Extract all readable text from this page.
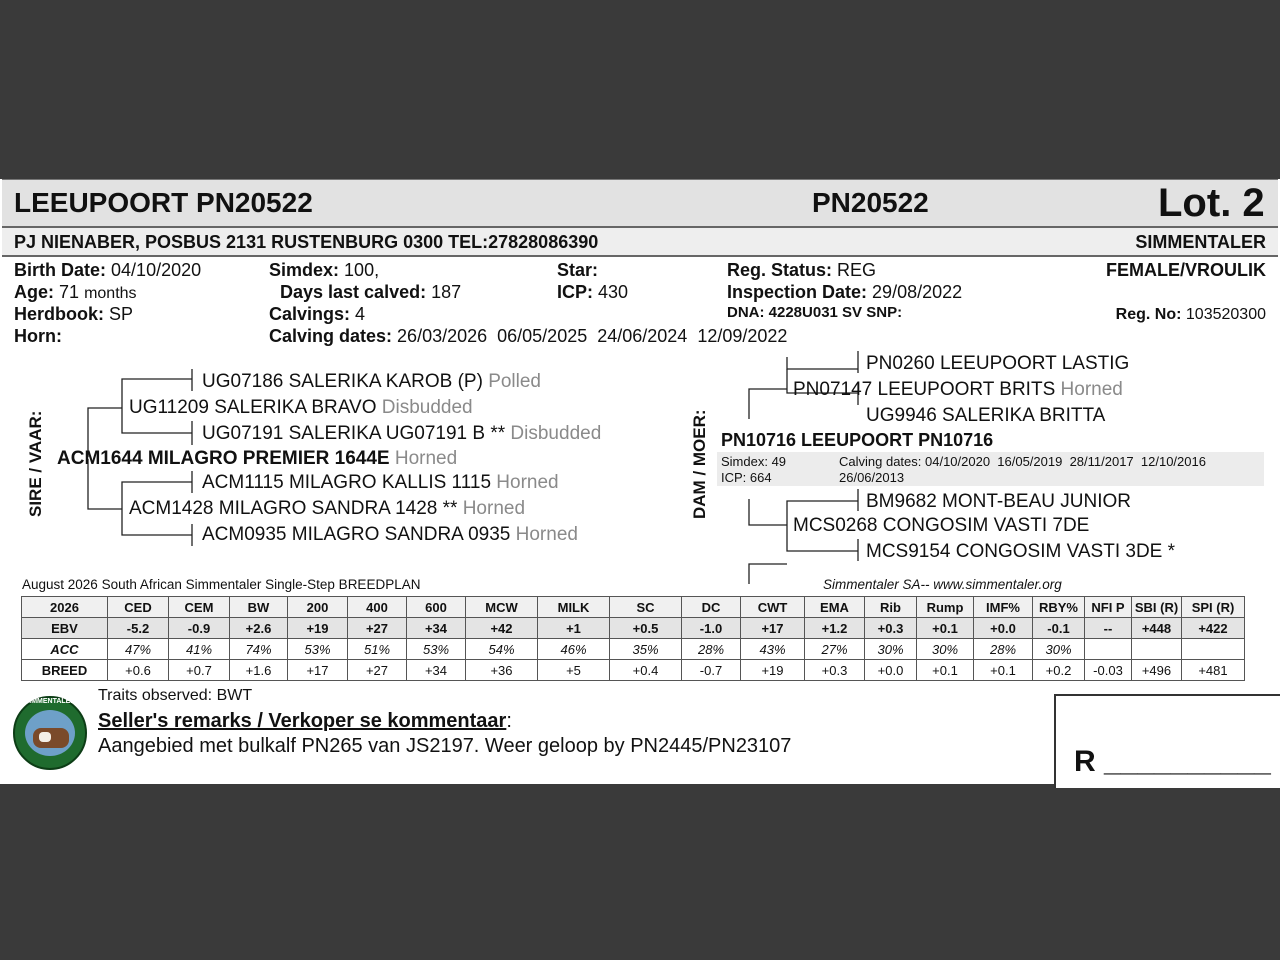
LEEUPOORT PN20522	PN20522	Lot. 2
PJ NIENABER, POSBUS 2131 RUSTENBURG 0300 TEL:27828086390	SIMMENTALER
Birth Date: 04/10/2020
Age: 71 months
Herdbook: SP
Horn:
Simdex: 100,
Days last calved: 187
Calvings: 4
Calving dates: 26/03/2026  06/05/2025  24/06/2024  12/09/2022
Star:
ICP: 430
Reg. Status: REG
Inspection Date: 29/08/2022
DNA: 4228U031 SV SNP:
FEMALE/VROULIK
Reg. No: 103520300
SIRE / VAAR:
UG07186 SALERIKA KAROB (P) Polled
UG11209 SALERIKA BRAVO Disbudded
UG07191 SALERIKA UG07191 B ** Disbudded
ACM1644 MILAGRO PREMIER 1644E Horned
ACM1115 MILAGRO KALLIS 1115 Horned
ACM1428 MILAGRO SANDRA 1428 ** Horned
ACM0935 MILAGRO SANDRA 0935 Horned
DAM / MOER:
PN0260 LEEUPOORT LASTIG
PN07147 LEEUPOORT BRITS Horned
UG9946 SALERIKA BRITTA
PN10716 LEEUPOORT PN10716
Simdex: 49
ICP: 664
Calving dates: 04/10/2020  16/05/2019  28/11/2017  12/10/2016
26/06/2013
BM9682 MONT-BEAU JUNIOR
MCS0268 CONGOSIM VASTI 7DE
MCS9154 CONGOSIM VASTI 3DE *
August 2026 South African Simmentaler Single-Step BREEDPLAN	Simmentaler SA-- www.simmentaler.org
2026	CED	CEM	BW	200	400	600	MCW	MILK	SC	DC	CWT	EMA	Rib	Rump	IMF%	RBY%	NFI P	SBI (R)	SPI (R)
EBV	-5.2	-0.9	+2.6	+19	+27	+34	+42	+1	+0.5	-1.0	+17	+1.2	+0.3	+0.1	+0.0	-0.1	--	+448	+422
ACC	47%	41%	74%	53%	51%	53%	54%	46%	35%	28%	43%	27%	30%	30%	28%	30%			
BREED	+0.6	+0.7	+1.6	+17	+27	+34	+36	+5	+0.4	-0.7	+19	+0.3	+0.0	+0.1	+0.1	+0.2	-0.03	+496	+481
SIMMENTALER Traits observed: BWT
Seller's remarks / Verkoper se kommentaar:
Aangebied met bulkalf PN265 van JS2197. Weer geloop by PN2445/PN23107	R __________
